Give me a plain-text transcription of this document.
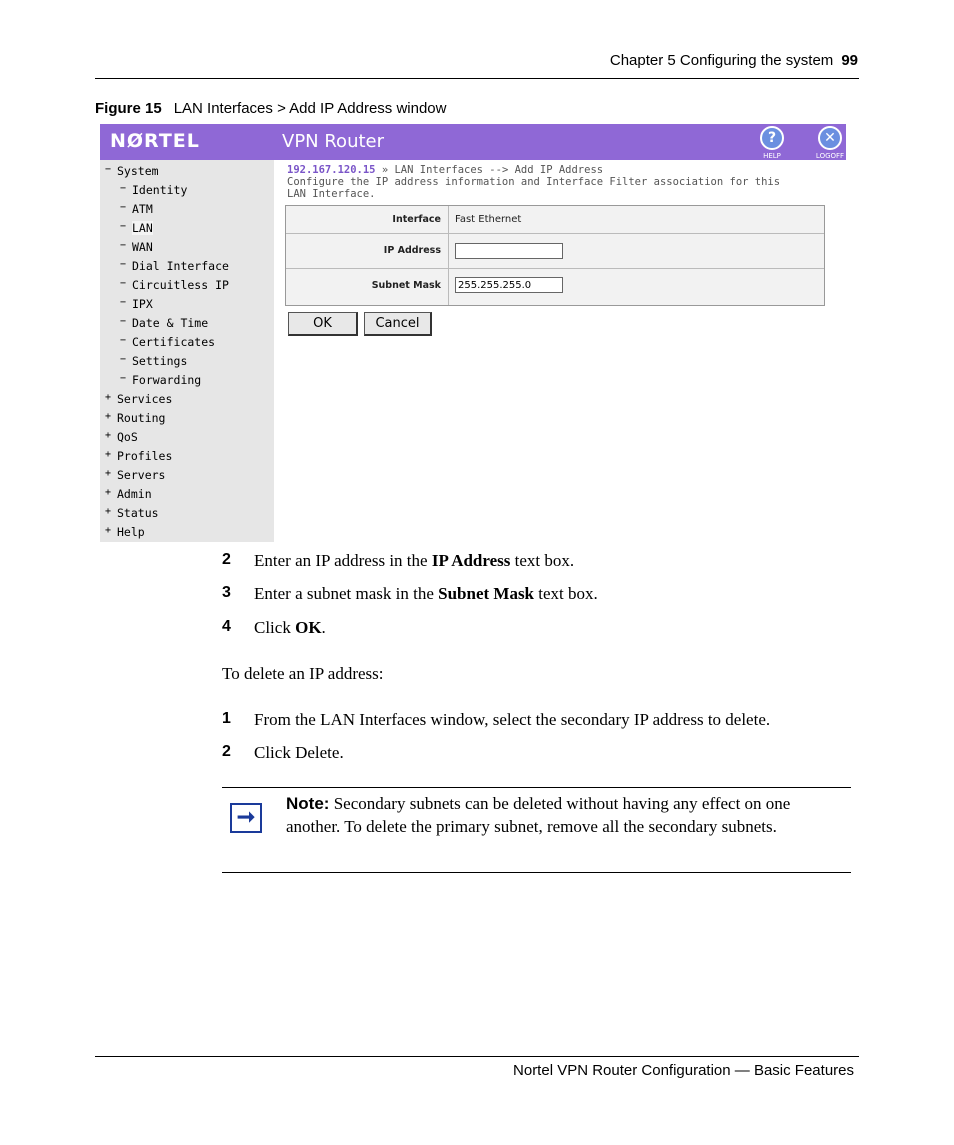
Chapter 5 Configuring the system 99
Figure 15 LAN Interfaces > Add IP Address window
NØRTEL	VPN Router	?
HELP
✕
LOGOFF
− System
− Identity
− ATM
− LAN
− WAN
− Dial Interface
− Circuitless IP
− IPX
− Date & Time
− Certificates
− Settings
− Forwarding
+ Services
+ Routing
+ QoS
+ Profiles
+ Servers
+ Admin
+ Status
+ Help
192.167.120.15 » LAN Interfaces --> Add IP Address
Configure the IP address information and Interface Filter association for this
LAN Interface.
Interface Fast Ethernet
IP Address
Subnet Mask	255.255.255.0
OK	Cancel
2 Enter an IP address in the IP Address text box.
3 Enter a subnet mask in the Subnet Mask text box.
4 Click OK.
To delete an IP address:
1 From the LAN Interfaces window, select the secondary IP address to delete.
2 Click Delete.
➞
Note: Secondary subnets can be deleted without having any effect on one another. To delete the primary subnet, remove all the secondary subnets.
Nortel VPN Router Configuration — Basic Features
